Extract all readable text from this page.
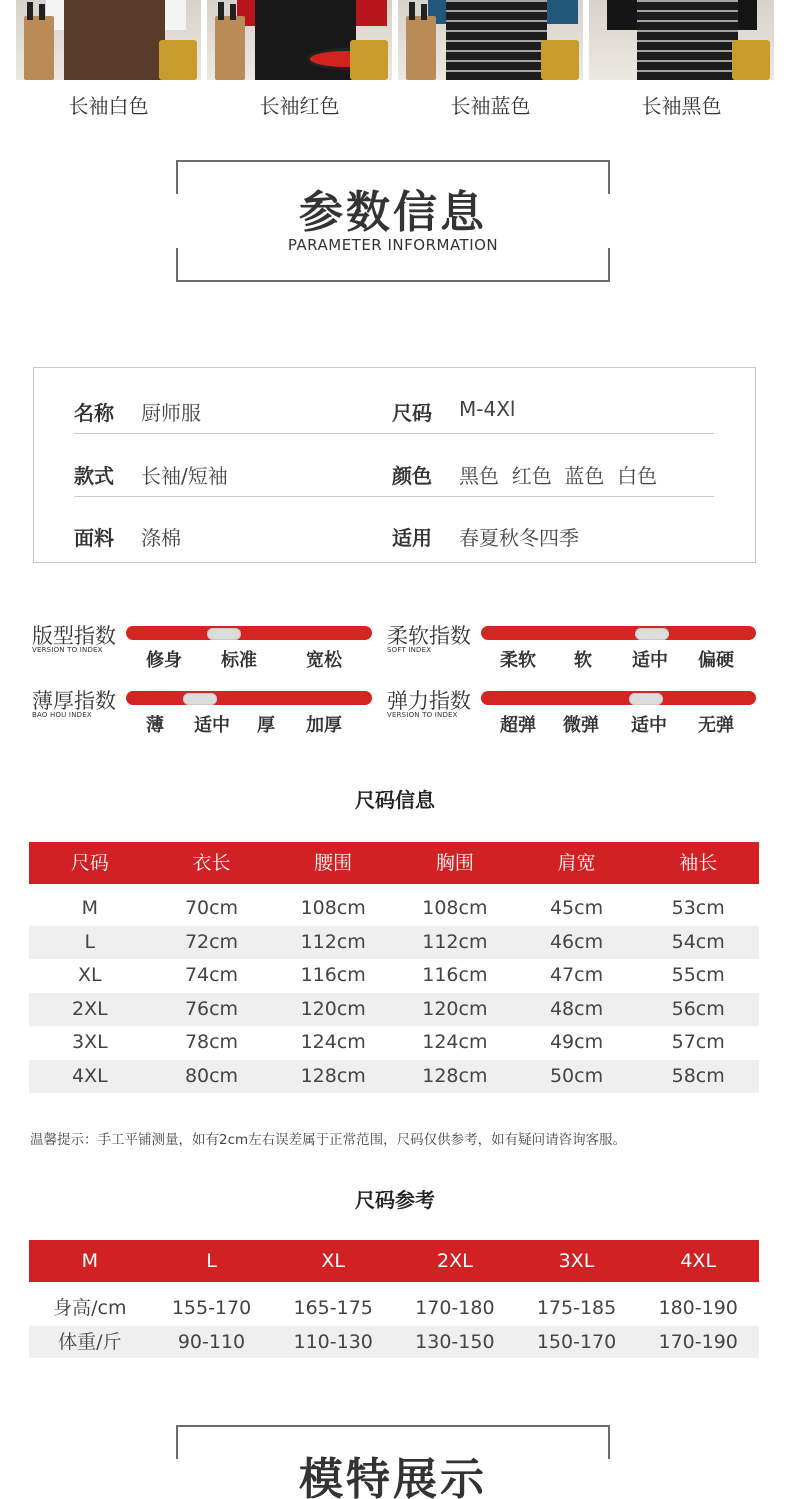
长袖白色	长袖红色	长袖蓝色	长袖黑色
参数信息
PARAMETER INFORMATION
名称 厨师服	尺码 M-4Xl
款式 长袖/短袖	颜色 黑色  红色  蓝色  白色
面料 涤棉	适用 春夏秋冬四季
版型指数
VERSION TO INDEX 修身 标准	宽松
柔软指数
SOFT INDEX	柔软 软 适中 偏硬
薄厚指数
BAO HOU INDEX	薄 适中 厚 加厚
弹力指数
VERSION TO INDEX 超弹 微弹 适中 无弹
尺码信息
尺码	衣长	腰围	胸围	肩宽	袖长
M	70cm	108cm	108cm	45cm	53cm
L	72cm	112cm	112cm	46cm	54cm
XL	74cm	116cm	116cm	47cm	55cm
2XL	76cm	120cm	120cm	48cm	56cm
3XL	78cm	124cm	124cm	49cm	57cm
4XL	80cm	128cm	128cm	50cm	58cm
温馨提示：手工平铺测量，如有2cm左右误差属于正常范围，尺码仅供参考，如有疑问请咨询客服。
尺码参考
M	L	XL	2XL	3XL	4XL
身高/cm	155-170	165-175	170-180	175-185	180-190
体重/斤	90-110	110-130	130-150	150-170	170-190
模特展示
